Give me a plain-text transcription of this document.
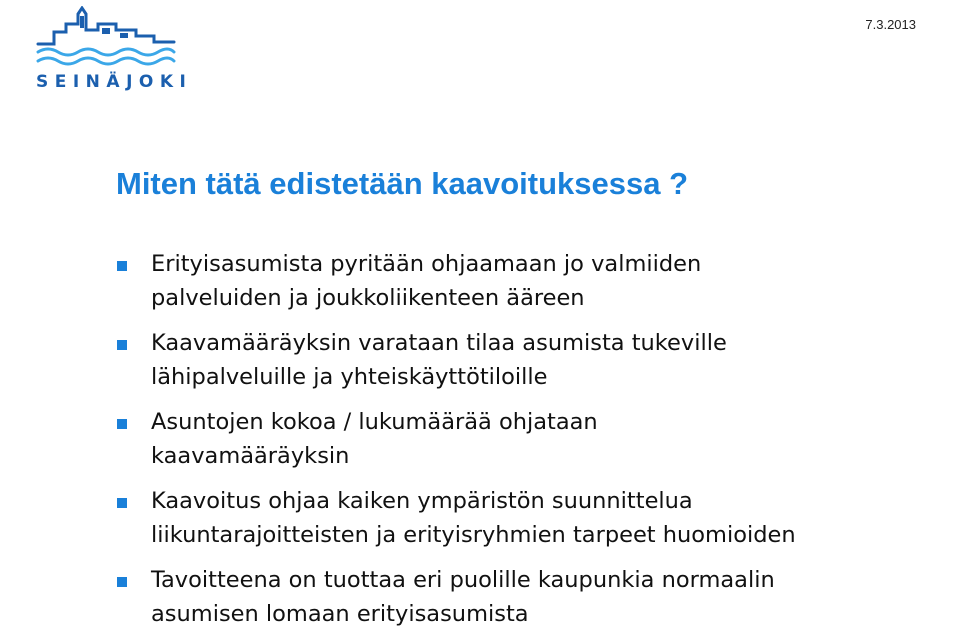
SEINÄJOKI
7.3.2013
Miten tätä edistetään kaavoituksessa ?
Erityisasumista pyritään ohjaamaan jo valmiiden
palveluiden ja joukkoliikenteen ääreen
Kaavamääräyksin varataan tilaa asumista tukeville
lähipalveluille ja yhteiskäyttötiloille
Asuntojen kokoa / lukumäärää ohjataan
kaavamääräyksin
Kaavoitus ohjaa kaiken ympäristön suunnittelua
liikuntarajoitteisten ja erityisryhmien tarpeet huomioiden
Tavoitteena on tuottaa eri puolille kaupunkia normaalin
asumisen lomaan erityisasumista
